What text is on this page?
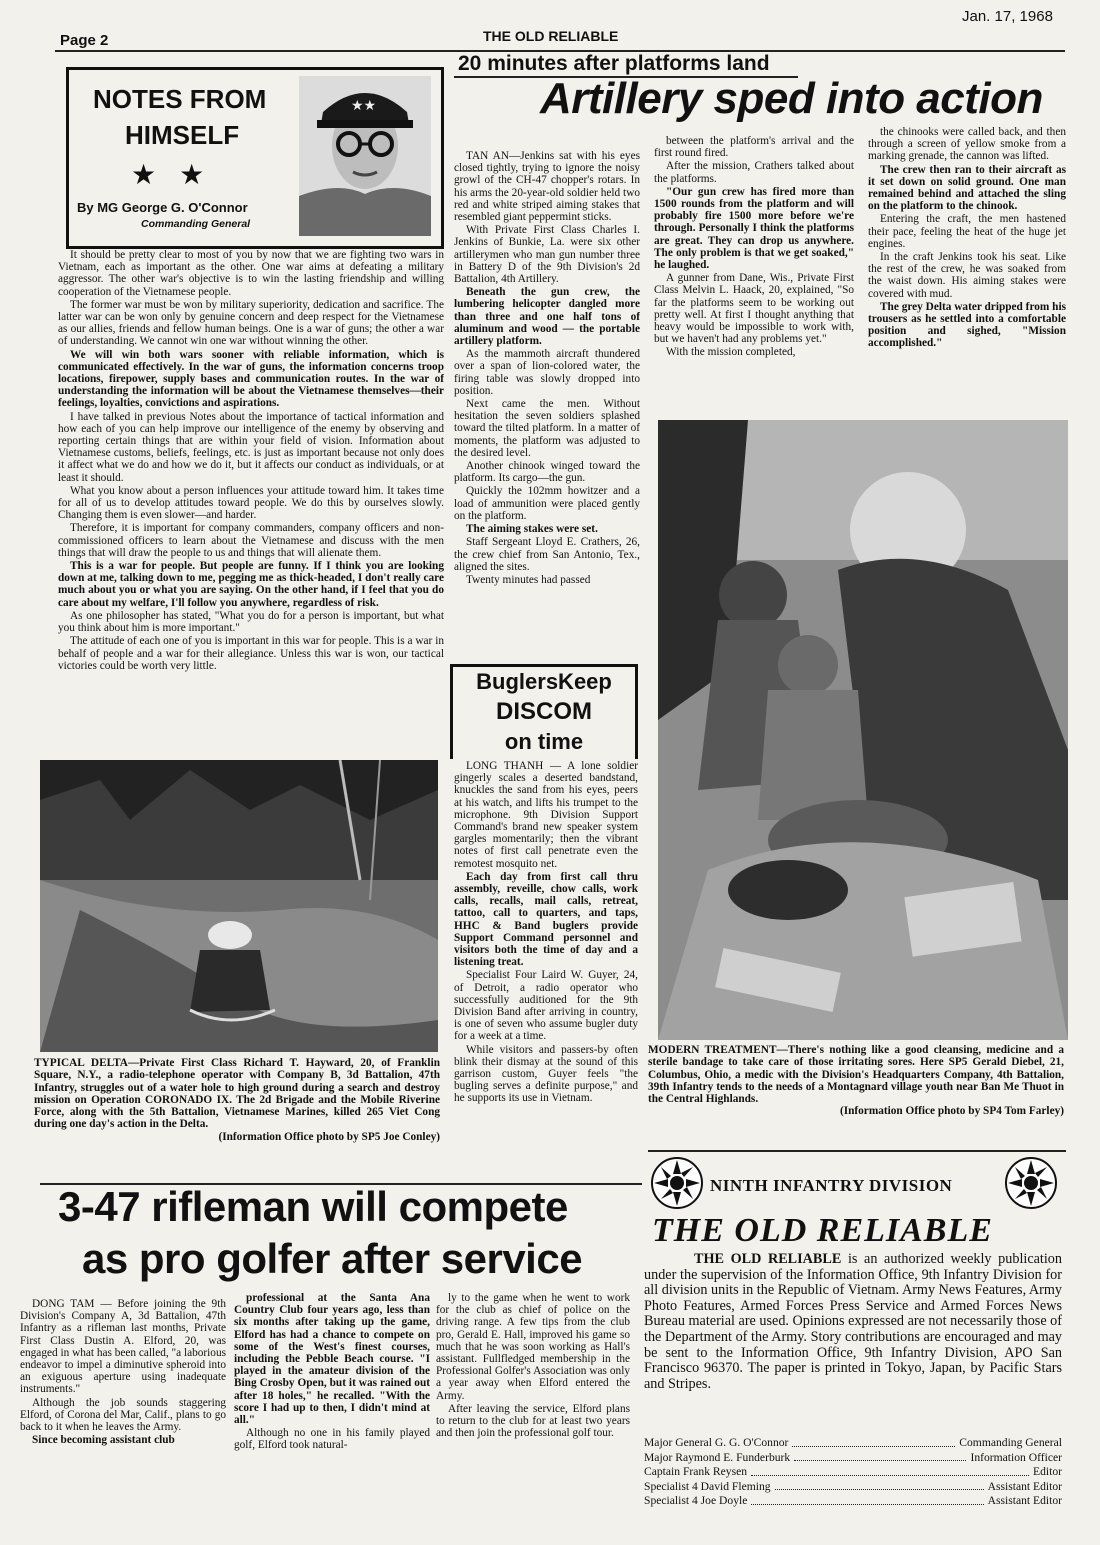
Page 2	THE OLD RELIABLE
Jan. 17, 1968
NOTES FROM
HIMSELF
★ ★
By MG George G. O'Connor
Commanding General
★★

It should be pretty clear to most of you by now that we are fighting two wars in Vietnam, each as important as the other. One war aims at defeating a military aggressor. The other war's objective is to win the lasting friendship and willing cooperation of the Vietnamese people.

The former war must be won by military superiority, dedication and sacrifice. The latter war can be won only by genuine concern and deep respect for the Vietnamese as our allies, friends and fellow human beings. One is a war of guns; the other a war of understanding. We cannot win one war without winning the other.

We will win both wars sooner with reliable information, which is communicated effectively. In the war of guns, the information concerns troop locations, firepower, supply bases and communication routes. In the war of understanding the information will be about the Vietnamese themselves—their feelings, loyalties, convictions and aspirations.

I have talked in previous Notes about the importance of tactical information and how each of you can help improve our intelligence of the enemy by observing and reporting certain things that are within your field of vision. Information about Vietnamese customs, beliefs, feelings, etc. is just as important because not only does it affect what we do and how we do it, but it affects our conduct as individuals, or at least it should.

What you know about a person influences your attitude toward him. It takes time for all of us to develop attitudes toward people. We do this by ourselves slowly. Changing them is even slower—and harder.

Therefore, it is important for company commanders, company officers and non-commissioned officers to learn about the Vietnamese and discuss with the men things that will draw the people to us and things that will alienate them.

This is a war for people. But people are funny. If I think you are looking down at me, talking down to me, pegging me as thick-headed, I don't really care much about you or what you are saying. On the other hand, if I feel that you do care about my welfare, I'll follow you anywhere, regardless of risk.

As one philosopher has stated, "What you do for a person is important, but what you think about him is more important."

The attitude of each one of you is important in this war for people. This is a war in behalf of people and a war for their allegiance. Unless this war is won, our tactical victories could be worth very little.

TYPICAL DELTA—Private First Class Richard T. Hayward, 20, of Franklin Square, N.Y., a radio-telephone operator with Company B, 3d Battalion, 47th Infantry, struggles out of a water hole to high ground during a search and destroy mission on Operation CORONADO IX. The 2d Brigade and the Mobile Riverine Force, along with the 5th Battalion, Vietnamese Marines, killed 265 Viet Cong during one day's action in the Delta.
(Information Office photo by SP5 Joe Conley)
20 minutes after platforms land
Artillery sped into action

TAN AN—Jenkins sat with his eyes closed tightly, trying to ignore the noisy growl of the CH-47 chopper's rotars. In his arms the 20-year-old soldier held two red and white striped aiming stakes that resembled giant peppermint sticks.

With Private First Class Charles I. Jenkins of Bunkie, La. were six other artillerymen who man gun number three in Battery D of the 9th Division's 2d Battalion, 4th Artillery.

Beneath the gun crew, the lumbering helicopter dangled more than three and one half tons of aluminum and wood — the portable artillery platform.

As the mammoth aircraft thundered over a span of lion-colored water, the firing table was slowly dropped into position.

Next came the men. Without hesitation the seven soldiers splashed toward the tilted platform. In a matter of moments, the platform was adjusted to the desired level.

Another chinook winged toward the platform. Its cargo—the gun.

Quickly the 102mm howitzer and a load of ammunition were placed gently on the platform.

The aiming stakes were set.

Staff Sergeant Lloyd E. Crathers, 26, the crew chief from San Antonio, Tex., aligned the sites.

Twenty minutes had passed

between the platform's arrival and the first round fired.

After the mission, Crathers talked about the platforms.

"Our gun crew has fired more than 1500 rounds from the platform and will probably fire 1500 more before we're through. Personally I think the platforms are great. They can drop us anywhere. The only problem is that we get soaked," he laughed.

A gunner from Dane, Wis., Private First Class Melvin L. Haack, 20, explained, "So far the platforms seem to be working out pretty well. At first I thought anything that heavy would be impossible to work with, but we haven't had any problems yet."

With the mission completed,

the chinooks were called back, and then through a screen of yellow smoke from a marking grenade, the cannon was lifted.

The crew then ran to their aircraft as it set down on solid ground. One man remained behind and attached the sling on the platform to the chinook.

Entering the craft, the men hastened their pace, feeling the heat of the huge jet engines.

In the craft Jenkins took his seat. Like the rest of the crew, he was soaked from the waist down. His aiming stakes were covered with mud.

The grey Delta water dripped from his trousers as he settled into a comfortable position and sighed, "Mission accomplished."

MODERN TREATMENT—There's nothing like a good cleansing, medicine and a sterile bandage to take care of those irritating sores. Here SP5 Gerald Diebel, 21, Columbus, Ohio, a medic with the Division's Headquarters Company, 4th Battalion, 39th Infantry tends to the needs of a Montagnard village youth near Ban Me Thuot in the Central Highlands.
(Information Office photo by SP4 Tom Farley)
BuglersKeep
DISCOM
on time

LONG THANH — A lone soldier gingerly scales a deserted bandstand, knuckles the sand from his eyes, peers at his watch, and lifts his trumpet to the microphone. 9th Division Support Command's brand new speaker system gargles momentarily; then the vibrant notes of first call penetrate even the remotest mosquito net.

Each day from first call thru assembly, reveille, chow calls, work calls, recalls, mail calls, retreat, tattoo, call to quarters, and taps, HHC & Band buglers provide Support Command personnel and visitors both the time of day and a listening treat.

Specialist Four Laird W. Guyer, 24, of Detroit, a radio operator who successfully auditioned for the 9th Division Band after arriving in country, is one of seven who assume bugler duty for a week at a time.

While visitors and passers-by often blink their dismay at the sound of this garrison custom, Guyer feels "the bugling serves a definite purpose," and he supports its use in Vietnam.

3-47 rifleman will compete
as pro golfer after service

DONG TAM — Before joining the 9th Division's Company A, 3d Battalion, 47th Infantry as a rifleman last months, Private First Class Dustin A. Elford, 20, was engaged in what has been called, "a laborious endeavor to impel a diminutive spheroid into an exiguous aperture using inadequate instruments."

Although the job sounds staggering Elford, of Corona del Mar, Calif., plans to go back to it when he leaves the Army.

Since becoming assistant club

professional at the Santa Ana Country Club four years ago, less than six months after taking up the game, Elford has had a chance to compete on some of the West's finest courses, including the Pebble Beach course. "I played in the amateur division of the Bing Crosby Open, but it was rained out after 18 holes," he recalled. "With the score I had up to then, I didn't mind at all."

Although no one in his family played golf, Elford took natural-

ly to the game when he went to work for the club as chief of police on the driving range. A few tips from the club pro, Gerald E. Hall, improved his game so much that he was soon working as Hall's assistant. Fullfledged membership in the Professional Golfer's Association was only a year away when Elford entered the Army.

After leaving the service, Elford plans to return to the club for at least two years and then join the professional golf tour.

NINTH INFANTRY DIVISION
THE OLD RELIABLE
THE OLD RELIABLE is an authorized weekly publication under the supervision of the Information Office, 9th Infantry Division for all division units in the Republic of Vietnam. Army News Features, Army Photo Features, Armed Forces Press Service and Armed Forces News Bureau material are used. Opinions expressed are not necessarily those of the Department of the Army. Story contributions are encouraged and may be sent to the Information Office, 9th Infantry Division, APO San Francisco 96370. The paper is printed in Tokyo, Japan, by Pacific Stars and Stripes.
Major General G. G. O'Connor	Commanding General
Major Raymond E. Funderburk	Information Officer
Captain Frank Reysen	Editor
Specialist 4 David Fleming	Assistant Editor
Specialist 4 Joe Doyle	Assistant Editor
